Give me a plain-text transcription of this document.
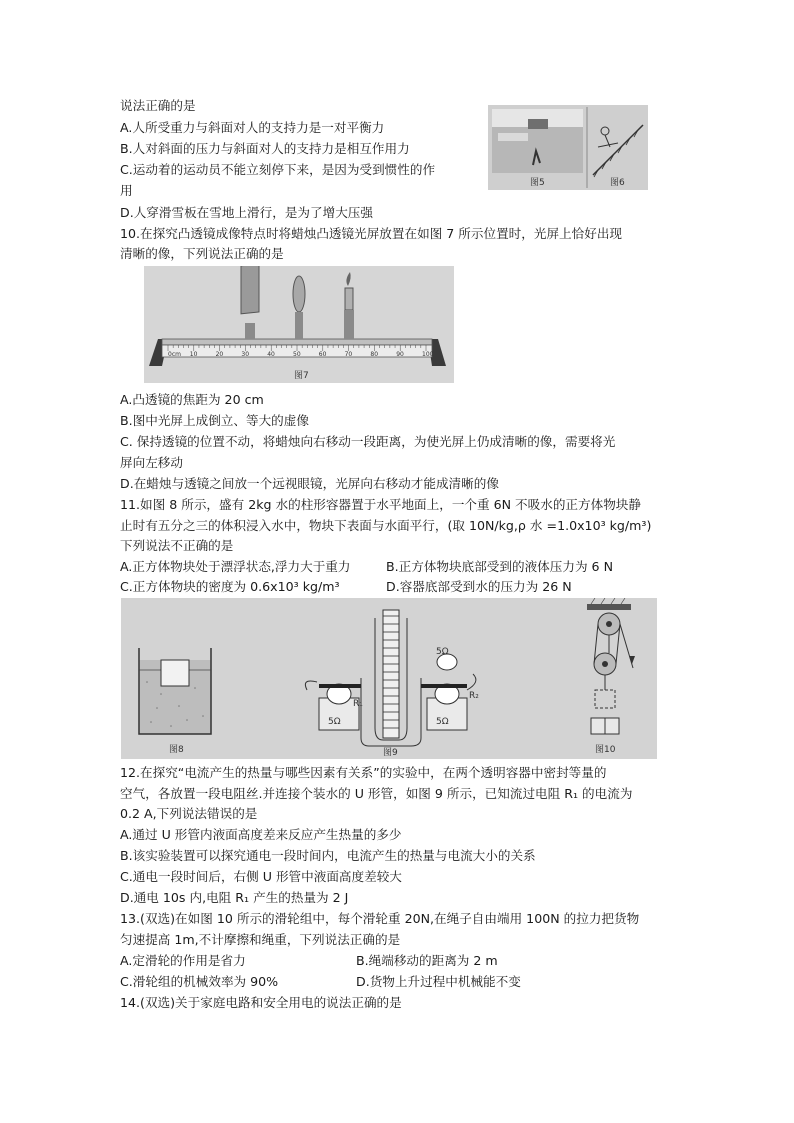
说法正确的是
A.人所受重力与斜面对人的支持力是一对平衡力
B.人对斜面的压力与斜面对人的支持力是相互作用力
C.运动着的运动员不能立刻停下来，是因为受到惯性的作
用
D.人穿滑雪板在雪地上滑行，是为了增大压强
图5	图6
10.在探究凸透镜成像特点时将蜡烛凸透镜光屏放置在如图 7 所示位置时，光屏上恰好出现
清晰的像，下列说法正确的是
0cm 10	20	30	40	50	60	70	80	90	100
图7
A.凸透镜的焦距为 20 cm
B.图中光屏上成倒立、等大的虚像
C. 保持透镜的位置不动，将蜡烛向右移动一段距离，为使光屏上仍成清晰的像，需要将光
屏向左移动
D.在蜡烛与透镜之间放一个远视眼镜，光屏向右移动才能成清晰的像
11.如图 8 所示，盛有 2kg 水的柱形容器置于水平地面上，一个重 6N 不吸水的正方体物块静
止时有五分之三的体积浸入水中，物块下表面与水面平行，(取 10N/kg,ρ 水 =1.0x10³ kg/m³)
下列说法不正确的是
A.正方体物块处于漂浮状态,浮力大于重力	B.正方体物块底部受到的液体压力为 6 N
C.正方体物块的密度为 0.6x10³ kg/m³	D.容器底部受到水的压力为 26 N
图8
5Ω
R₁
5Ω
R₂
5Ω
图9	图10
12.在探究“电流产生的热量与哪些因素有关系”的实验中，在两个透明容器中密封等量的
空气，各放置一段电阻丝.并连接个装水的 U 形管，如图 9 所示，已知流过电阻 R₁ 的电流为
0.2 A,下列说法错误的是
A.通过 U 形管内液面高度差来反应产生热量的多少
B.该实验装置可以探究通电一段时间内，电流产生的热量与电流大小的关系
C.通电一段时间后，右侧 U 形管中液面高度差较大
D.通电 10s 内,电阻 R₁ 产生的热量为 2 J
13.(双选)在如图 10 所示的滑轮组中，每个滑轮重 20N,在绳子自由端用 100N 的拉力把货物
匀速提高 1m,不计摩擦和绳重，下列说法正确的是
A.定滑轮的作用是省力	B.绳端移动的距离为 2 m
C.滑轮组的机械效率为 90%	D.货物上升过程中机械能不变
14.(双选)关于家庭电路和安全用电的说法正确的是
